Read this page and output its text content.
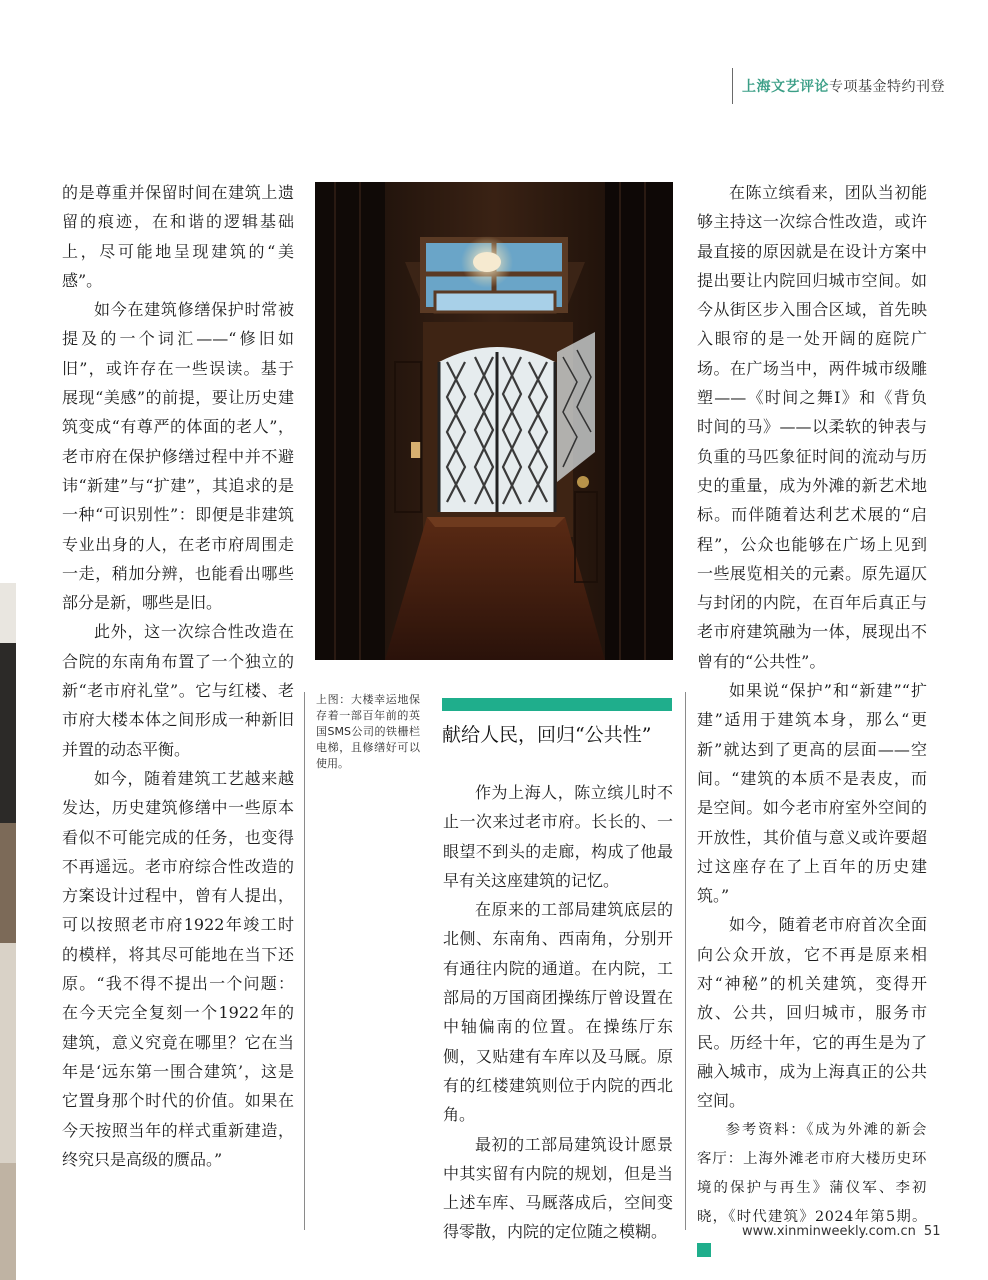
上海文艺评论专项基金特约刊登

的是尊重并保留时间在建筑上遗留的痕迹，在和谐的逻辑基础上，尽可能地呈现建筑的“美感”。

如今在建筑修缮保护时常被提及的一个词汇——“修旧如旧”，或许存在一些误读。基于展现“美感”的前提，要让历史建筑变成“有尊严的体面的老人”，老市府在保护修缮过程中并不避讳“新建”与“扩建”，其追求的是一种“可识别性”：即便是非建筑专业出身的人，在老市府周围走一走，稍加分辨，也能看出哪些部分是新，哪些是旧。

此外，这一次综合性改造在合院的东南角布置了一个独立的新“老市府礼堂”。它与红楼、老市府大楼本体之间形成一种新旧并置的动态平衡。

如今，随着建筑工艺越来越发达，历史建筑修缮中一些原本看似不可能完成的任务，也变得不再遥远。老市府综合性改造的方案设计过程中，曾有人提出，可以按照老市府1922年竣工时的模样，将其尽可能地在当下还原。“我不得不提出一个问题：在今天完全复刻一个1922年的建筑，意义究竟在哪里？它在当年是‘远东第一围合建筑’，这是它置身那个时代的价值。如果在今天按照当年的样式重新建造，终究只是高级的赝品。”

上图：大楼幸运地保存着一部百年前的英国SMS公司的铁栅栏电梯，且修缮好可以使用。
献给人民，回归“公共性”

作为上海人，陈立缤儿时不止一次来过老市府。长长的、一眼望不到头的走廊，构成了他最早有关这座建筑的记忆。

在原来的工部局建筑底层的北侧、东南角、西南角，分别开有通往内院的通道。在内院，工部局的万国商团操练厅曾设置在中轴偏南的位置。在操练厅东侧，又贴建有车库以及马厩。原有的红楼建筑则位于内院的西北角。

最初的工部局建筑设计愿景中其实留有内院的规划，但是当上述车库、马厩落成后，空间变得零散，内院的定位随之模糊。

在陈立缤看来，团队当初能够主持这一次综合性改造，或许最直接的原因就是在设计方案中提出要让内院回归城市空间。如今从街区步入围合区域，首先映入眼帘的是一处开阔的庭院广场。在广场当中，两件城市级雕塑——《时间之舞Ⅰ》和《背负时间的马》——以柔软的钟表与负重的马匹象征时间的流动与历史的重量，成为外滩的新艺术地标。而伴随着达利艺术展的“启程”，公众也能够在广场上见到一些展览相关的元素。原先逼仄与封闭的内院，在百年后真正与老市府建筑融为一体，展现出不曾有的“公共性”。

如果说“保护”和“新建”“扩建”适用于建筑本身，那么“更新”就达到了更高的层面——空间。“建筑的本质不是表皮，而是空间。如今老市府室外空间的开放性，其价值与意义或许要超过这座存在了上百年的历史建筑。”

如今，随着老市府首次全面向公众开放，它不再是原来相对“神秘”的机关建筑，变得开放、公共，回归城市，服务市民。历经十年，它的再生是为了融入城市，成为上海真正的公共空间。

参考资料：《成为外滩的新会客厅：上海外滩老市府大楼历史环境的保护与再生》蒲仪军、李初晓，《时代建筑》2024年第5期。民

www.xinminweekly.com.cn 51
